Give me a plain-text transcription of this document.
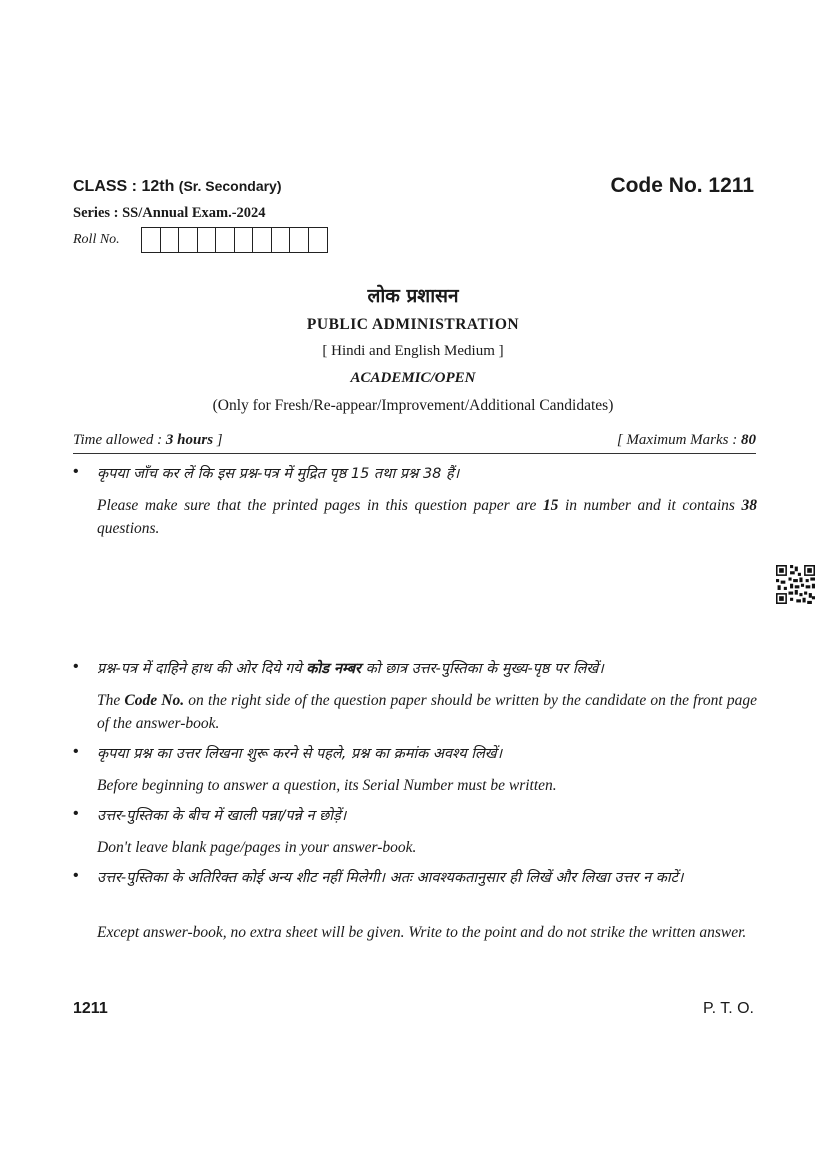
CLASS : 12th (Sr. Secondary)	Code No. 1211
Series : SS/Annual Exam.-2024
Roll No.
लोक प्रशासन
PUBLIC ADMINISTRATION
[ Hindi and English Medium ]
ACADEMIC/OPEN
(Only for Fresh/Re-appear/Improvement/Additional Candidates)
Time allowed : 3 hours ]	[ Maximum Marks : 80
• कृपया जाँच कर लें कि इस प्रश्न-पत्र में मुद्रित पृष्ठ 15 तथा प्रश्न 38 हैं।
Please make sure that the printed pages in this question paper are 15 in number and it contains 38 questions.
• प्रश्न-पत्र में दाहिने हाथ की ओर दिये गये कोड नम्बर को छात्र उत्तर-पुस्तिका के मुख्य-पृष्ठ पर लिखें।
The Code No. on the right side of the question paper should be written by the candidate on the front page of the answer-book.
• कृपया प्रश्न का उत्तर लिखना शुरू करने से पहले, प्रश्न का क्रमांक अवश्य लिखें।
Before beginning to answer a question, its Serial Number must be written.
• उत्तर-पुस्तिका के बीच में खाली पन्ना/पन्ने न छोड़ें।
Don't leave blank page/pages in your answer-book.
• उत्तर-पुस्तिका के अतिरिक्त कोई अन्य शीट नहीं मिलेगी। अतः आवश्यकतानुसार ही लिखें और लिखा उत्तर न काटें।
Except answer-book, no extra sheet will be given. Write to the point and do not strike the written answer.
1211	P. T. O.
